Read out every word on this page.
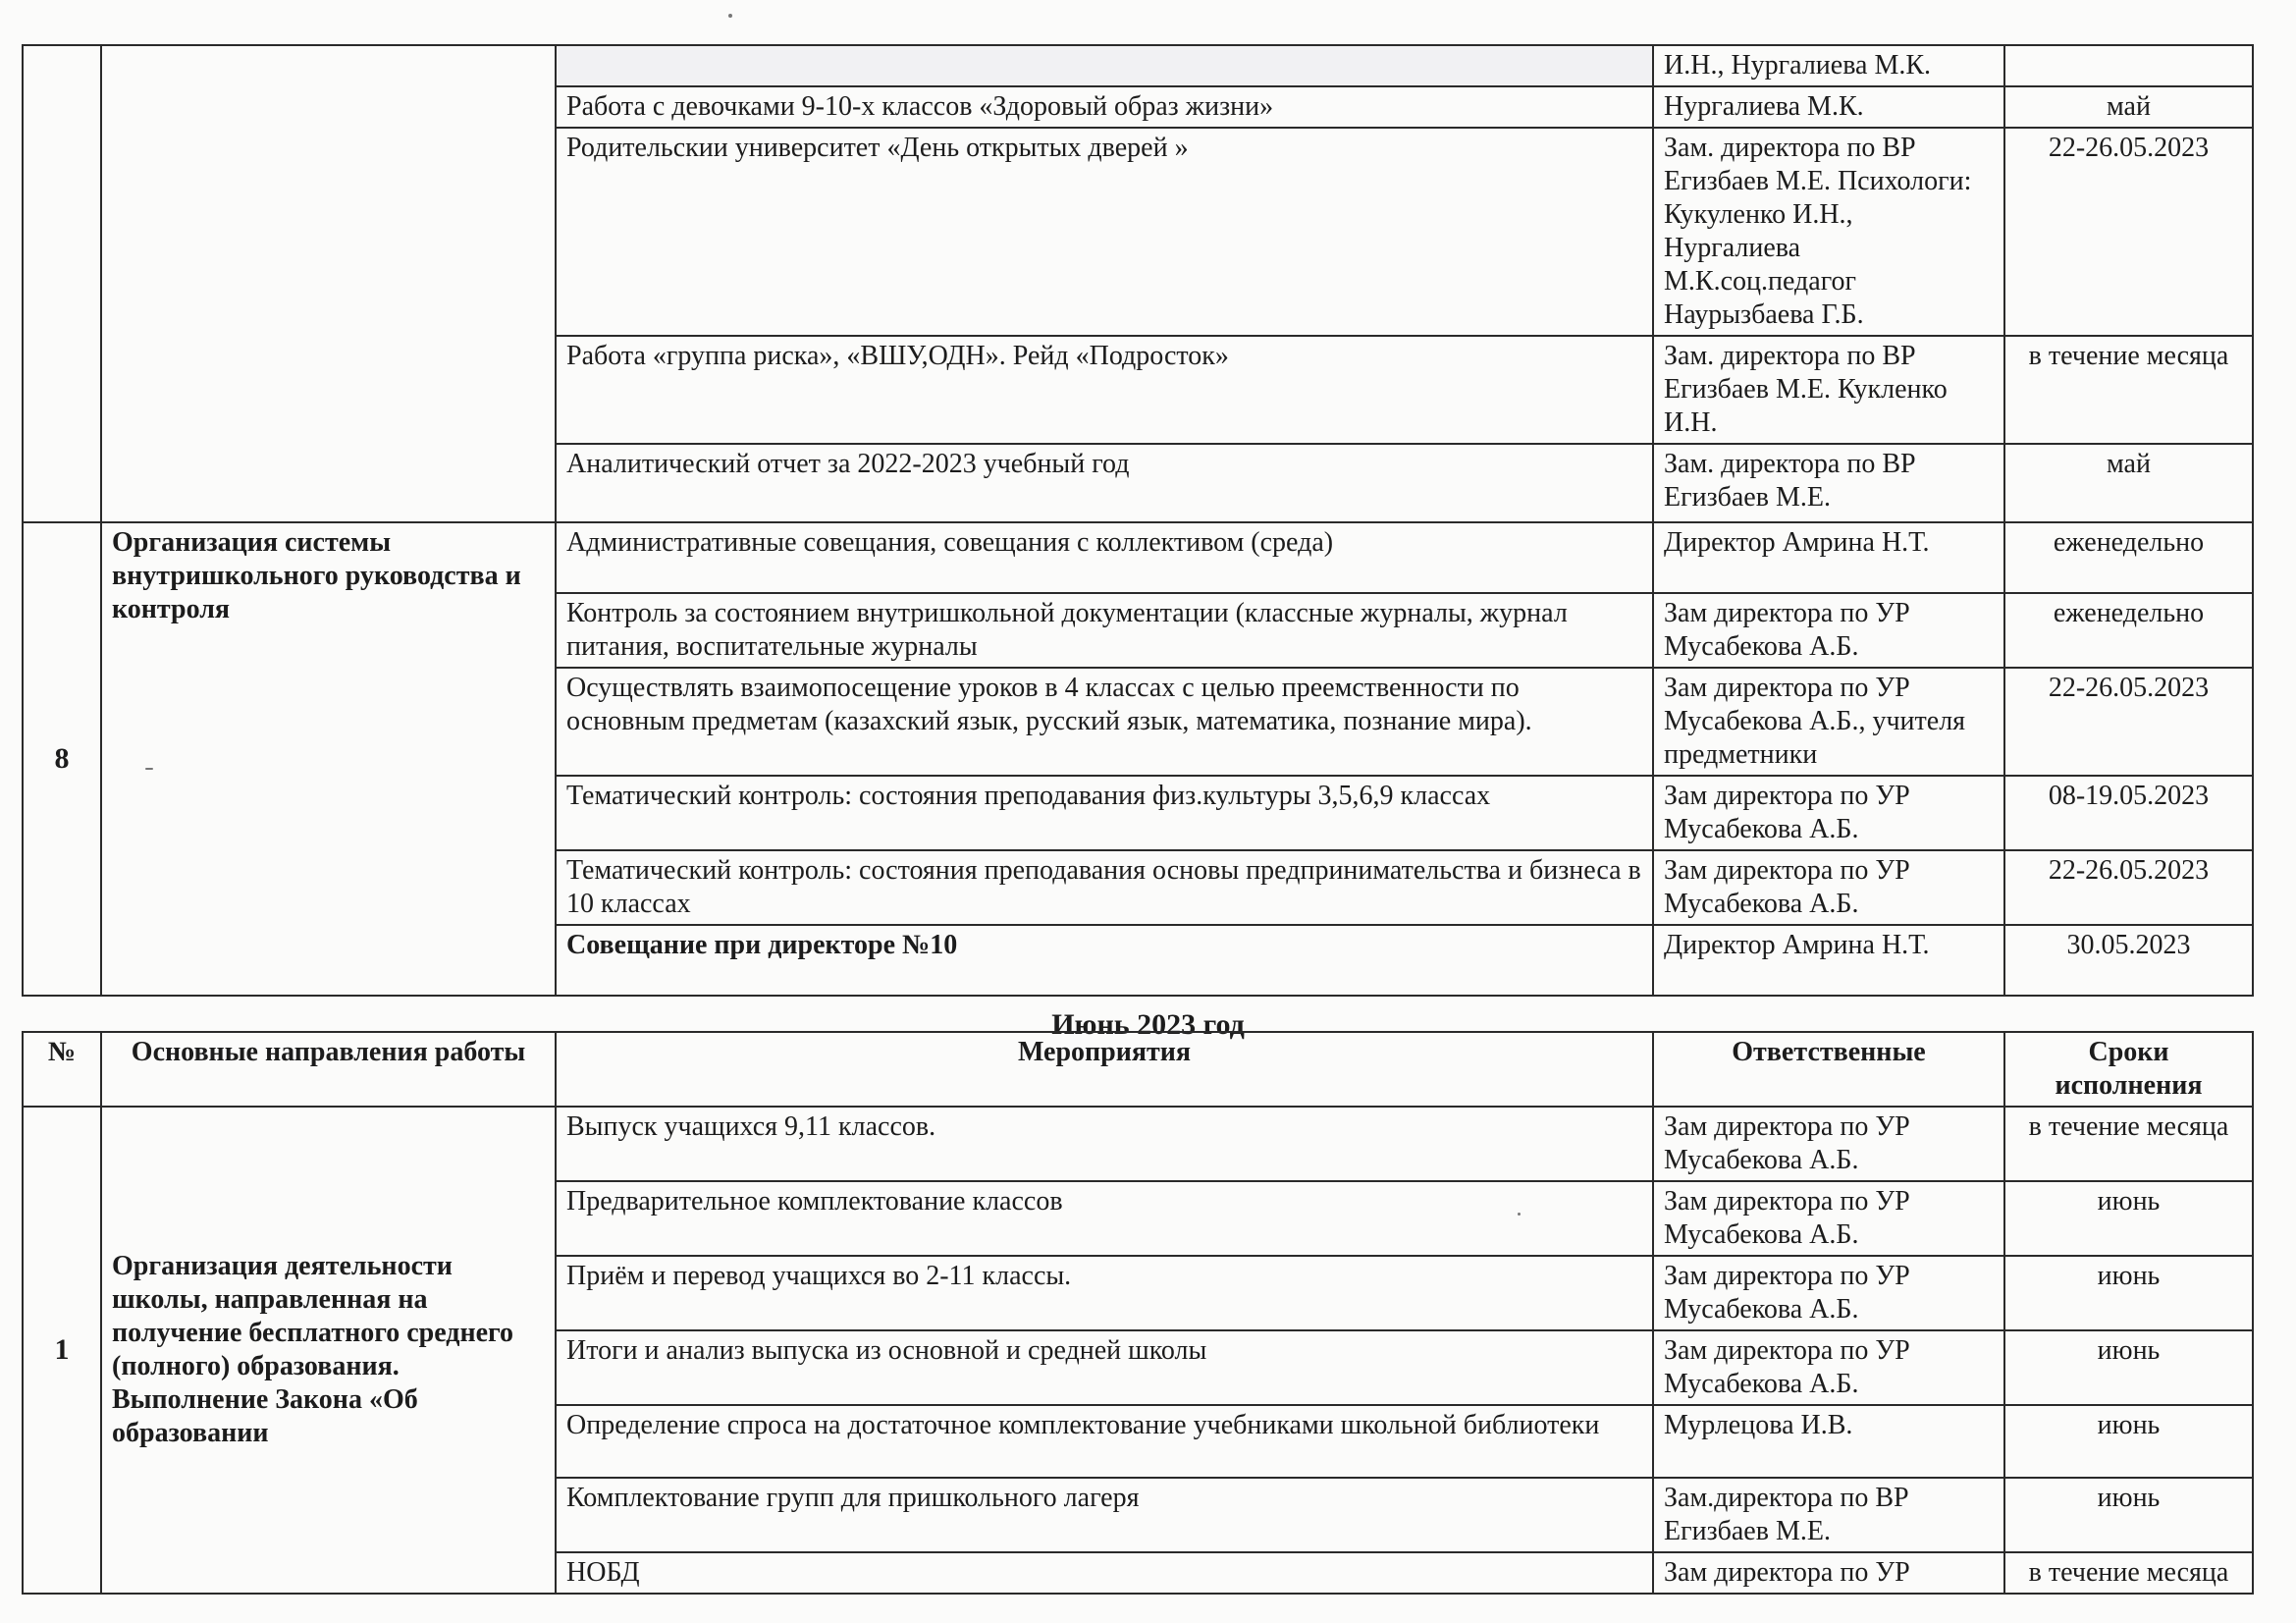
			И.Н., Нургалиева М.К.	
		Работа с девочками 9-10-х классов «Здоровый образ жизни»	Нургалиева М.К.	май
		Родительскии университет «День открытых дверей »	Зам. директора по ВР Егизбаев М.Е. Психологи: Кукуленко И.Н., Нургалиева М.К.соц.педагог Наурызбаева Г.Б.	22-26.05.2023
		Работа «группа риска», «ВШУ,ОДН». Рейд «Подросток»	Зам. директора по ВР Егизбаев М.Е. Кукленко И.Н.	в течение месяца
		Аналитический отчет за 2022-2023 учебный год	Зам. директора по ВР Егизбаев М.Е.	май
8	Организация системы внутришкольного руководства и контроля	Административные совещания, совещания с коллективом (среда)	Директор Амрина Н.Т.	еженедельно
		Контроль за состоянием внутришкольной документации (классные журналы, журнал питания, воспитательные журналы	Зам директора по УР Мусабекова А.Б.	еженедельно
		Осуществлять взаимопосещение уроков в 4 классах с целью преемственности по основным предметам (казахский язык, русский язык, математика, познание мира).	Зам директора по УР Мусабекова А.Б., учителя предметники	22-26.05.2023
		Тематический контроль: состояния преподавания физ.культуры 3,5,6,9 классах	Зам директора по УР Мусабекова А.Б.	08-19.05.2023
		Тематический контроль: состояния преподавания основы предпринимательства и бизнеса в 10 классах	Зам директора по УР Мусабекова А.Б.	22-26.05.2023
		Совещание при директоре №10	Директор Амрина Н.Т.	30.05.2023
Июнь 2023 год
№	Основные направления работы	Мероприятия	Ответственные	Сроки исполнения
1	Организация деятельности школы, направленная на получение бесплатного среднего (полного) образования. Выполнение Закона «Об образовании	Выпуск учащихся 9,11 классов.	Зам директора по УР Мусабекова А.Б.	в течение месяца
		Предварительное комплектование классов	Зам директора по УР Мусабекова А.Б.	июнь
		Приём и перевод учащихся во 2-11 классы.	Зам директора по УР Мусабекова А.Б.	июнь
		Итоги и анализ выпуска из основной и средней школы	Зам директора по УР Мусабекова А.Б.	июнь
		Определение спроса на достаточное комплектование учебниками школьной библиотеки	Мурлецова И.В.	июнь
		Комплектование групп для пришкольного лагеря	Зам.директора по ВР Егизбаев М.Е.	июнь
		НОБД	Зам директора по УР	в течение месяца
